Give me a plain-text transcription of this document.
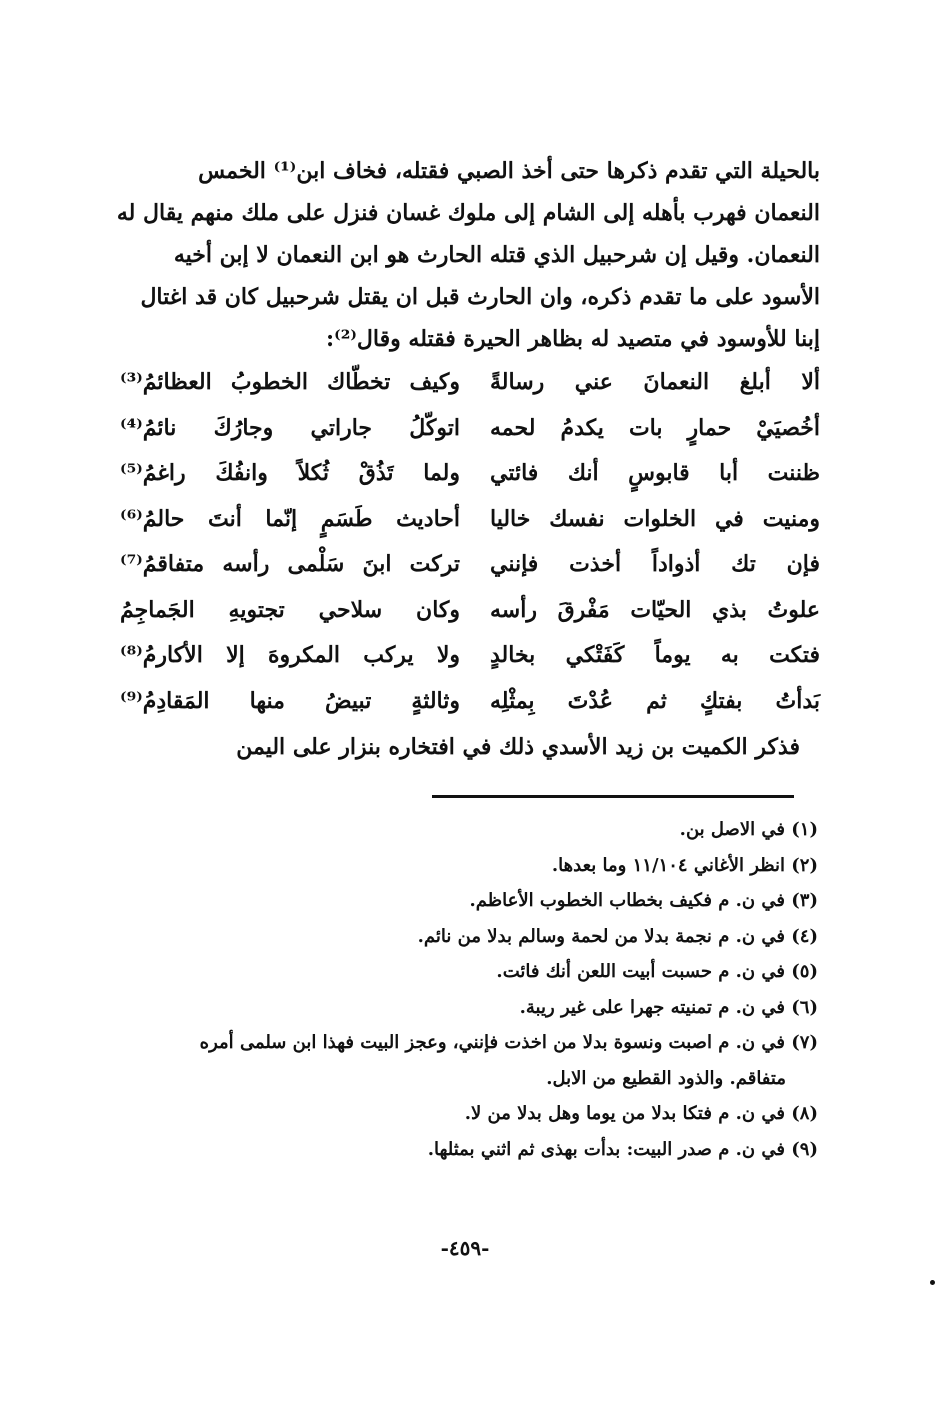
بالحيلة التي تقدم ذكرها حتى أخذ الصبي فقتله، فخاف ابن⁽¹⁾ الخمس

النعمان فهرب بأهله إلى الشام إلى ملوك غسان فنزل على ملك منهم يقال له

النعمان. وقيل إن شرحبيل الذي قتله الحارث هو ابن النعمان لا إبن أخيه

الأسود على ما تقدم ذكره، وان الحارث قبل ان يقتل شرحبيل كان قد اغتال

إبنا للأوسود في متصيد له بظاهر الحيرة فقتله وقال⁽²⁾:

ألا أبلغ النعمانَ عني رسالةً
وكيف تخطّاك الخطوبُ العظائمُ⁽³⁾
أخُصيَيْ حمارٍ بات يكدمُ لحمه
اتوكّلُ جاراتي وجارُكَ نائمُ⁽⁴⁾
ظننت أبا قابوسٍ أنك فائتي
ولما تَذُقْ ثُكلاً وانفُكَ راغمُ⁽⁵⁾
ومنيت في الخلوات نفسك خاليا
أحاديث طَسَمٍ إنّما أنتَ حالمُ⁽⁶⁾
فإن تك أذواداً أخذت فإنني
تركت ابنَ سَلْمى رأسه متفاقمُ⁽⁷⁾
علوتُ بذي الحيّات مَفْرقَ رأسه
وكان سلاحي تجتويهِ الجَماجِمُ
فتكت به يوماً كَفَتْكي بخالدٍ
ولا يركب المكروهَ إلا الأكارمُ⁽⁸⁾
بَدأتُ بفتكٍ ثم عُدْتَ بِمثْلِه
وثالثةٍ تبيضُ منها المَقادِمُ⁽⁹⁾

فذكر الكميت بن زيد الأسدي ذلك في افتخاره بنزار على اليمن

(١) في الاصل بن.
(٢) انظر الأغاني ١١/١٠٤ وما بعدها.
(٣) في ن. م فكيف بخطاب الخطوب الأعاظم.
(٤) في ن. م نجمة بدلا من لحمة وسالم بدلا من نائم.
(٥) في ن. م حسبت أبيت اللعن أنك فائت.
(٦) في ن. م تمنيته جهرا على غير ريبة.
(٧) في ن. م اصبت ونسوة بدلا من اخذت فإنني، وعجز البيت فهذا ابن سلمى أمره
متفاقم. والذود القطيع من الابل.
(٨) في ن. م فتكا بدلا من يوما وهل بدلا من لا.
(٩) في ن. م صدر البيت: بدأت بهذى ثم اثني بمثلها.
-٤٥٩-
